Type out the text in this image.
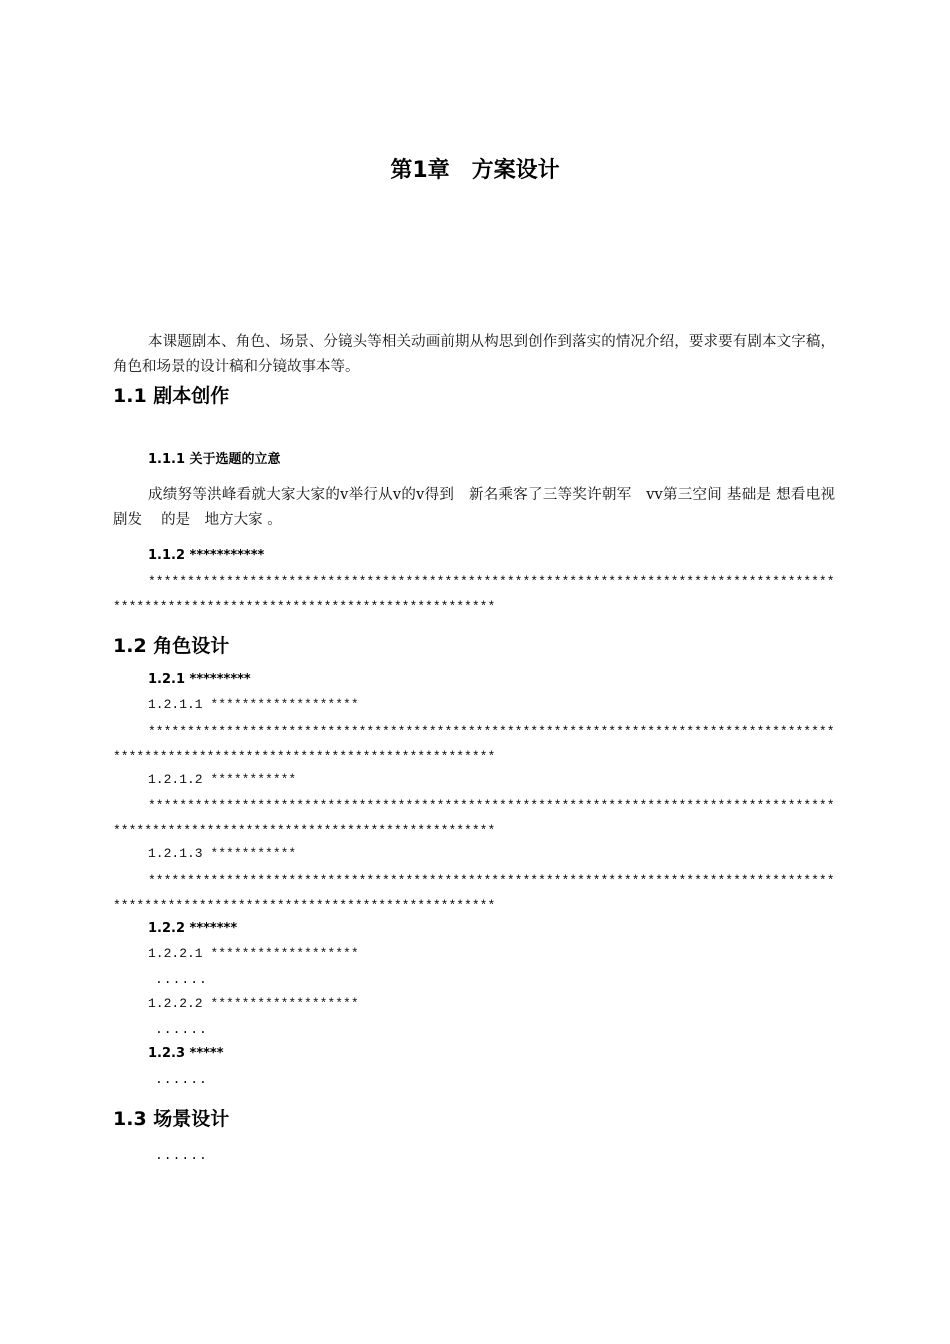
第1章　方案设计
本课题剧本、角色、场景、分镜头等相关动画前期从构思到创作到落实的情况介绍，要求要有剧本文字稿，角色和场景的设计稿和分镜故事本等。
1.1 剧本创作
1.1.1 关于选题的立意
成绩努等洪峰看就大家大家的v举行从v的v得到　新名乘客了三等奖许朝军　vv第三空间 基础是 想看电视剧发　 的是　地方大家 。
1.1.2 ***********
*****************************************************************************************************************************************
1.2 角色设计
1.2.1 *********
1.2.1.1 *******************
*****************************************************************************************************************************************
1.2.1.2 ***********
*****************************************************************************************************************************************
1.2.1.3 ***********
*****************************************************************************************************************************************
1.2.2 *******
1.2.2.1 *******************
......
1.2.2.2 *******************
......
1.2.3 *****
......
1.3 场景设计
......
